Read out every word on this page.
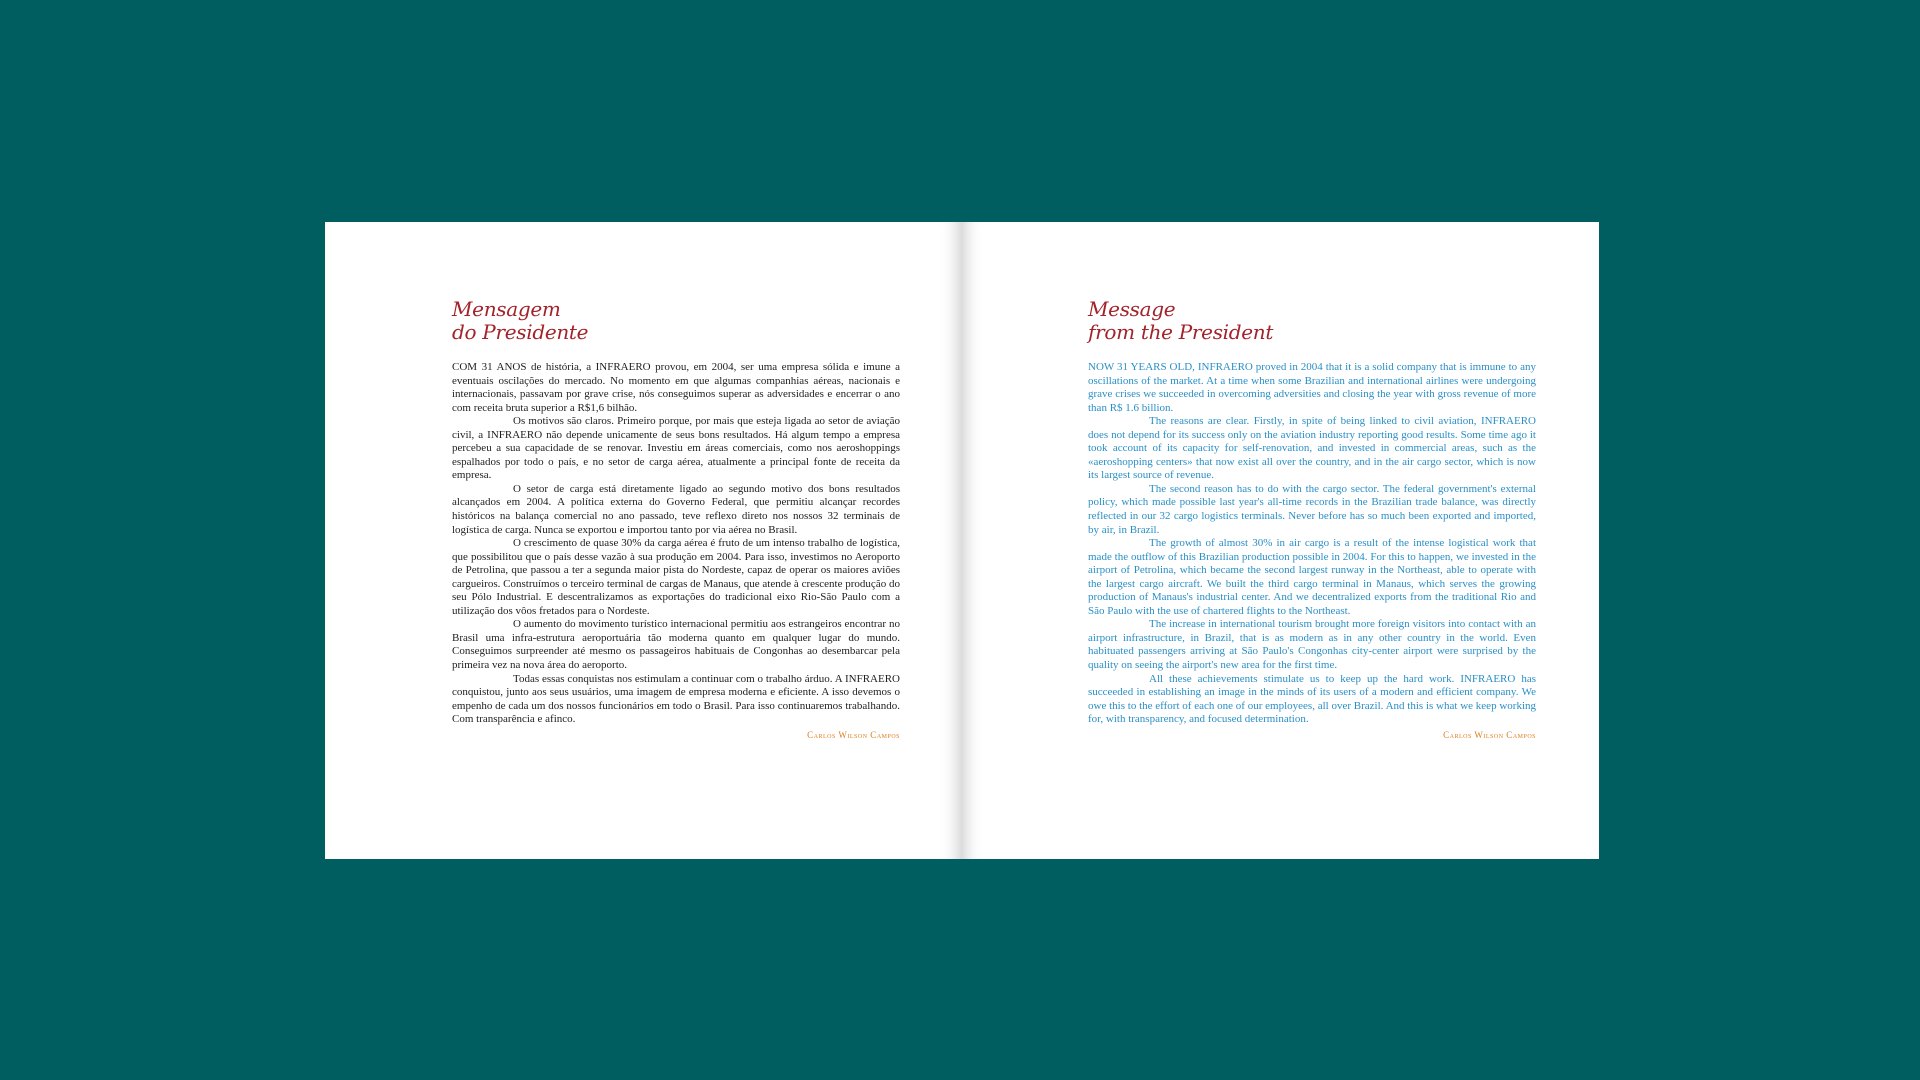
Mensagem
do Presidente

COM 31 ANOS de história, a INFRAERO provou, em 2004, ser uma empresa sólida e imune a eventuais oscilações do mercado. No momento em que algumas companhias aéreas, nacionais e internacionais, passavam por grave crise, nós conseguimos superar as adversidades e encerrar o ano com receita bruta superior a R$1,6 bilhão.

Os motivos são claros. Primeiro porque, por mais que esteja ligada ao setor de aviação civil, a INFRAERO não depende unicamente de seus bons resultados. Há algum tempo a empresa percebeu a sua capacidade de se renovar. Investiu em áreas comerciais, como nos aeroshoppings espalhados por todo o país, e no setor de carga aérea, atualmente a principal fonte de receita da empresa.

O setor de carga está diretamente ligado ao segundo motivo dos bons resultados alcançados em 2004. A política externa do Governo Federal, que permitiu alcançar recordes históricos na balança comercial no ano passado, teve reflexo direto nos nossos 32 terminais de logística de carga. Nunca se exportou e importou tanto por via aérea no Brasil.

O crescimento de quase 30% da carga aérea é fruto de um intenso trabalho de logística, que possibilitou que o país desse vazão à sua produção em 2004. Para isso, investimos no Aeroporto de Petrolina, que passou a ter a segunda maior pista do Nordeste, capaz de operar os maiores aviões cargueiros. Construímos o terceiro terminal de cargas de Manaus, que atende à crescente produção do seu Pólo Industrial. E descentralizamos as exportações do tradicional eixo Rio-São Paulo com a utilização dos vôos fretados para o Nordeste.

O aumento do movimento turístico internacional permitiu aos estrangeiros encontrar no Brasil uma infra-estrutura aeroportuária tão moderna quanto em qualquer lugar do mundo. Conseguimos surpreender até mesmo os passageiros habituais de Congonhas ao desembarcar pela primeira vez na nova área do aeroporto.

Todas essas conquistas nos estimulam a continuar com o trabalho árduo. A INFRAERO conquistou, junto aos seus usuários, uma imagem de empresa moderna e eficiente. A isso devemos o empenho de cada um dos nossos funcionários em todo o Brasil. Para isso continuaremos trabalhando. Com transparência e afinco.

Carlos Wilson Campos
Message
from the President

NOW 31 YEARS OLD, INFRAERO proved in 2004 that it is a solid company that is immune to any oscillations of the market. At a time when some Brazilian and international airlines were undergoing grave crises we succeeded in overcoming adversities and closing the year with gross revenue of more than R$ 1.6 billion.

The reasons are clear. Firstly, in spite of being linked to civil aviation, INFRAERO does not depend for its success only on the aviation industry reporting good results. Some time ago it took account of its capacity for self-renovation, and invested in commercial areas, such as the «aeroshopping centers» that now exist all over the country, and in the air cargo sector, which is now its largest source of revenue.

The second reason has to do with the cargo sector. The federal government's external policy, which made possible last year's all-time records in the Brazilian trade balance, was directly reflected in our 32 cargo logistics terminals. Never before has so much been exported and imported, by air, in Brazil.

The growth of almost 30% in air cargo is a result of the intense logistical work that made the outflow of this Brazilian production possible in 2004. For this to happen, we invested in the airport of Petrolina, which became the second largest runway in the Northeast, able to operate with the largest cargo aircraft. We built the third cargo terminal in Manaus, which serves the growing production of Manaus's industrial center. And we decentralized exports from the traditional Rio and São Paulo with the use of chartered flights to the Northeast.

The increase in international tourism brought more foreign visitors into contact with an airport infrastructure, in Brazil, that is as modern as in any other country in the world. Even habituated passengers arriving at São Paulo's Congonhas city-center airport were surprised by the quality on seeing the airport's new area for the first time.

All these achievements stimulate us to keep up the hard work. INFRAERO has succeeded in establishing an image in the minds of its users of a modern and efficient company. We owe this to the effort of each one of our employees, all over Brazil. And this is what we keep working for, with transparency, and focused determination.

Carlos Wilson Campos
